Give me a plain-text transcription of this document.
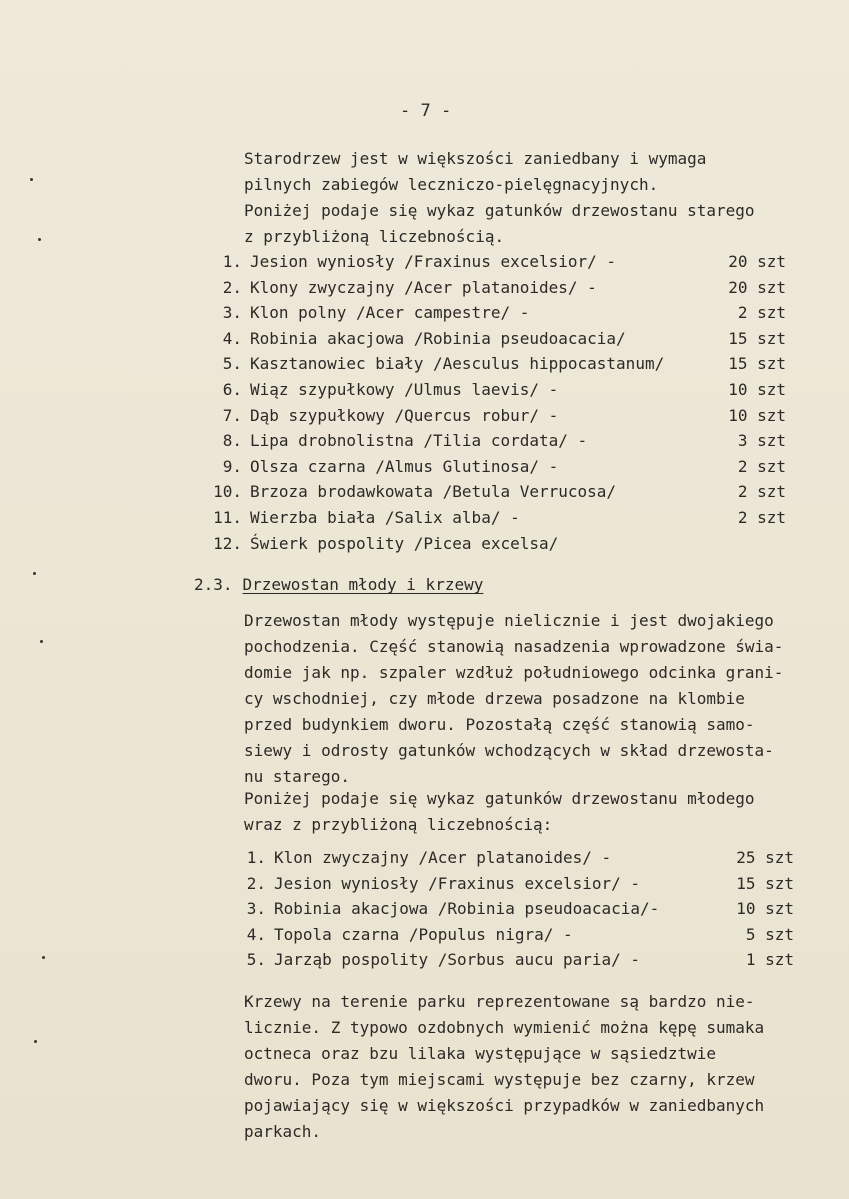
- 7 -
Starodrzew jest w większości zaniedbany i wymaga
pilnych zabiegów leczniczo-pielęgnacyjnych.
Poniżej podaje się wykaz gatunków drzewostanu starego
z przybliżoną liczebnością.
1. Jesion wyniosły /Fraxinus excelsior/ -	20 szt
2. Klony zwyczajny /Acer platanoides/ -	20 szt
3. Klon polny /Acer campestre/ -	2 szt
4. Robinia akacjowa /Robinia pseudoacacia/	15 szt
5. Kasztanowiec biały /Aesculus hippocastanum/	15 szt
6. Wiąz szypułkowy /Ulmus laevis/ -	10 szt
7. Dąb szypułkowy /Quercus robur/ -	10 szt
8. Lipa drobnolistna /Tilia cordata/ -	3 szt
9. Olsza czarna /Almus Glutinosa/ -	2 szt
10. Brzoza brodawkowata /Betula Verrucosa/	2 szt
11. Wierzba biała /Salix alba/ -	2 szt
12. Świerk pospolity /Picea excelsa/
2.3. Drzewostan młody i krzewy
Drzewostan młody występuje nielicznie i jest dwojakiego
pochodzenia. Część stanowią nasadzenia wprowadzone świa-
domie jak np. szpaler wzdłuż południowego odcinka grani-
cy wschodniej, czy młode drzewa posadzone na klombie
przed budynkiem dworu. Pozostałą część stanowią samo-
siewy i odrosty gatunków wchodzących w skład drzewosta-
nu starego.
Poniżej podaje się wykaz gatunków drzewostanu młodego
wraz z przybliżoną liczebnością:
1. Klon zwyczajny /Acer platanoides/ -	25 szt
2. Jesion wyniosły /Fraxinus excelsior/ -	15 szt
3. Robinia akacjowa /Robinia pseudoacacia/-	10 szt
4. Topola czarna /Populus nigra/ -	5 szt
5. Jarząb pospolity /Sorbus aucu paria/ -	1 szt
Krzewy na terenie parku reprezentowane są bardzo nie-
licznie. Z typowo ozdobnych wymienić można kępę sumaka
octneca oraz bzu lilaka występujące w sąsiedztwie
dworu. Poza tym miejscami występuje bez czarny, krzew
pojawiający się w większości przypadków w zaniedbanych
parkach.
